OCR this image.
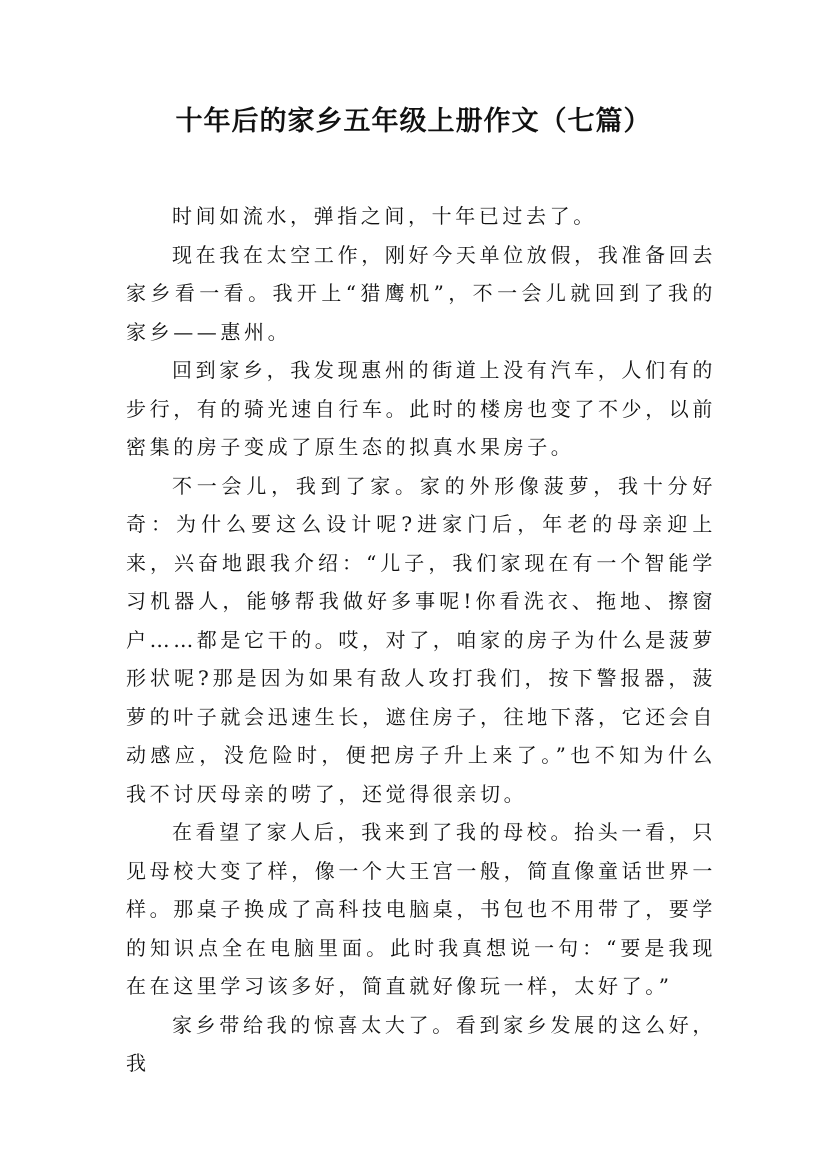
十年后的家乡五年级上册作文（七篇）

时间如流水，弹指之间，十年已过去了。

现在我在太空工作，刚好今天单位放假，我准备回去家乡看一看。我开上“猎鹰机”，不一会儿就回到了我的家乡——惠州。

回到家乡，我发现惠州的街道上没有汽车，人们有的步行，有的骑光速自行车。此时的楼房也变了不少，以前密集的房子变成了原生态的拟真水果房子。

不一会儿，我到了家。家的外形像菠萝，我十分好奇：为什么要这么设计呢?进家门后，年老的母亲迎上来，兴奋地跟我介绍：“儿子，我们家现在有一个智能学习机器人，能够帮我做好多事呢!你看洗衣、拖地、擦窗户……都是它干的。哎，对了，咱家的房子为什么是菠萝形状呢?那是因为如果有敌人攻打我们，按下警报器，菠萝的叶子就会迅速生长，遮住房子，往地下落，它还会自动感应，没危险时，便把房子升上来了。”也不知为什么我不讨厌母亲的唠了，还觉得很亲切。

在看望了家人后，我来到了我的母校。抬头一看，只见母校大变了样，像一个大王宫一般，简直像童话世界一样。那桌子换成了高科技电脑桌，书包也不用带了，要学的知识点全在电脑里面。此时我真想说一句：“要是我现在在这里学习该多好，简直就好像玩一样，太好了。”

家乡带给我的惊喜太大了。看到家乡发展的这么好，我
